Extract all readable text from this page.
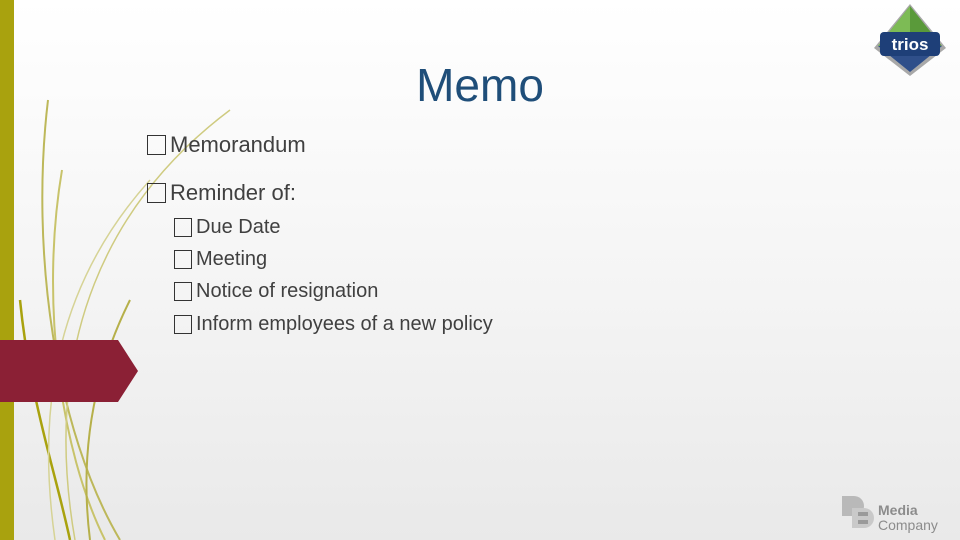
Memo
Memorandum
Reminder of:
Due Date
Meeting
Notice of resignation
Inform employees of a new policy
trios
Media
Company
